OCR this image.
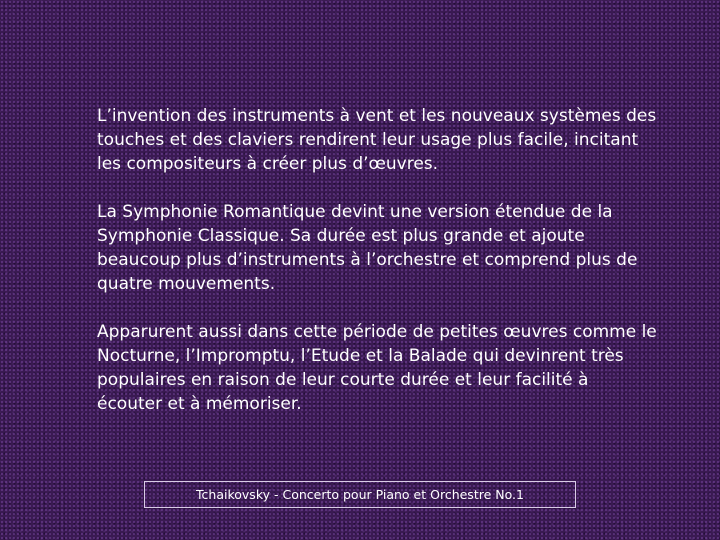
L’invention des instruments à vent et les nouveaux systèmes des touches et des claviers rendirent leur usage plus facile, incitant les compositeurs à créer plus d’œuvres.

La Symphonie Romantique devint une version étendue de la Symphonie Classique. Sa durée est plus grande et ajoute beaucoup plus d’instruments à l’orchestre et comprend plus de quatre mouvements.

Apparurent aussi dans cette période de petites œuvres comme le Nocturne, l’Impromptu, l’Etude et la Balade qui devinrent très populaires en raison de leur courte durée et leur facilité à écouter et à mémoriser.

Tchaikovsky - Concerto pour Piano et Orchestre No.1
